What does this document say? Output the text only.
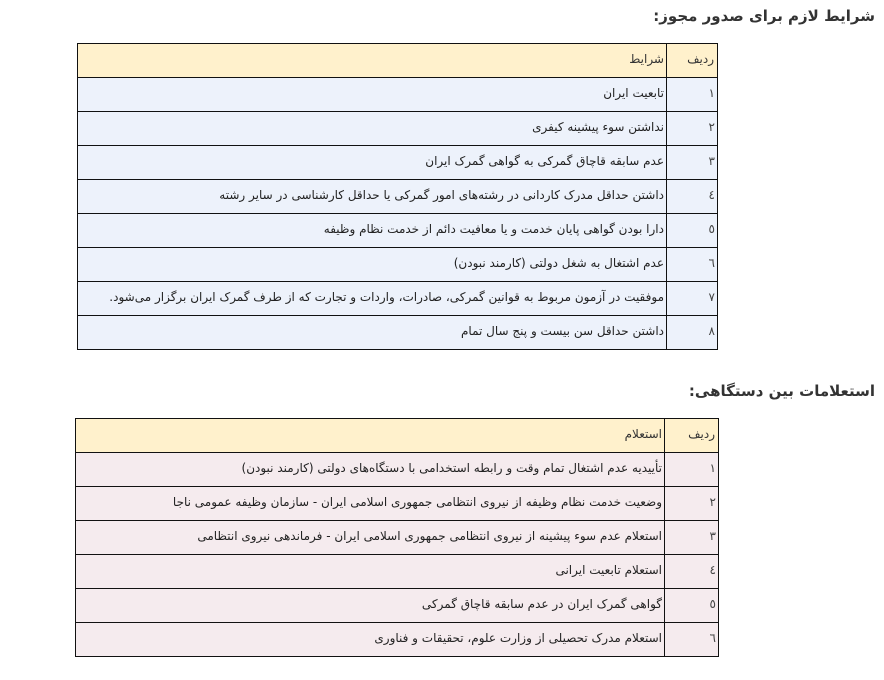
شرایط لازم برای صدور مجوز:
ردیف	شرایط
۱	تابعیت ایران
۲	نداشتن سوء پیشینه کیفری
۳	عدم سابقه قاچاق گمرکی به گواهی گمرک ایران
٤	داشتن حداقل مدرک کاردانی در رشته‌های امور گمرکی یا حداقل کارشناسی در سایر رشته
٥	دارا بودن گواهی پایان خدمت و یا معافیت دائم از خدمت نظام وظیفه
٦	عدم اشتغال به شغل دولتی (کارمند نبودن)
۷	موفقیت در آزمون مربوط به قوانین گمرکی، صادرات، واردات و تجارت که از طرف گمرک ایران برگزار می‌شود.
۸	داشتن حداقل سن بیست و پنج سال تمام
استعلامات بین دستگاهی:
ردیف	استعلام
۱	تأییدیه عدم اشتغال تمام وقت و رابطه استخدامی با دستگاه‌های دولتی (کارمند نبودن)
۲	وضعیت خدمت نظام وظیفه از نیروی انتظامی جمهوری اسلامی ایران - سازمان وظیفه عمومی ناجا
۳	استعلام عدم سوء پیشینه از نیروی انتظامی جمهوری اسلامی ایران - فرماندهی نیروی انتظامی
٤	استعلام تابعیت ایرانی
٥	گواهی گمرک ایران در عدم سابقه قاچاق گمرکی
٦	استعلام مدرک تحصیلی از وزارت علوم، تحقیقات و فناوری
